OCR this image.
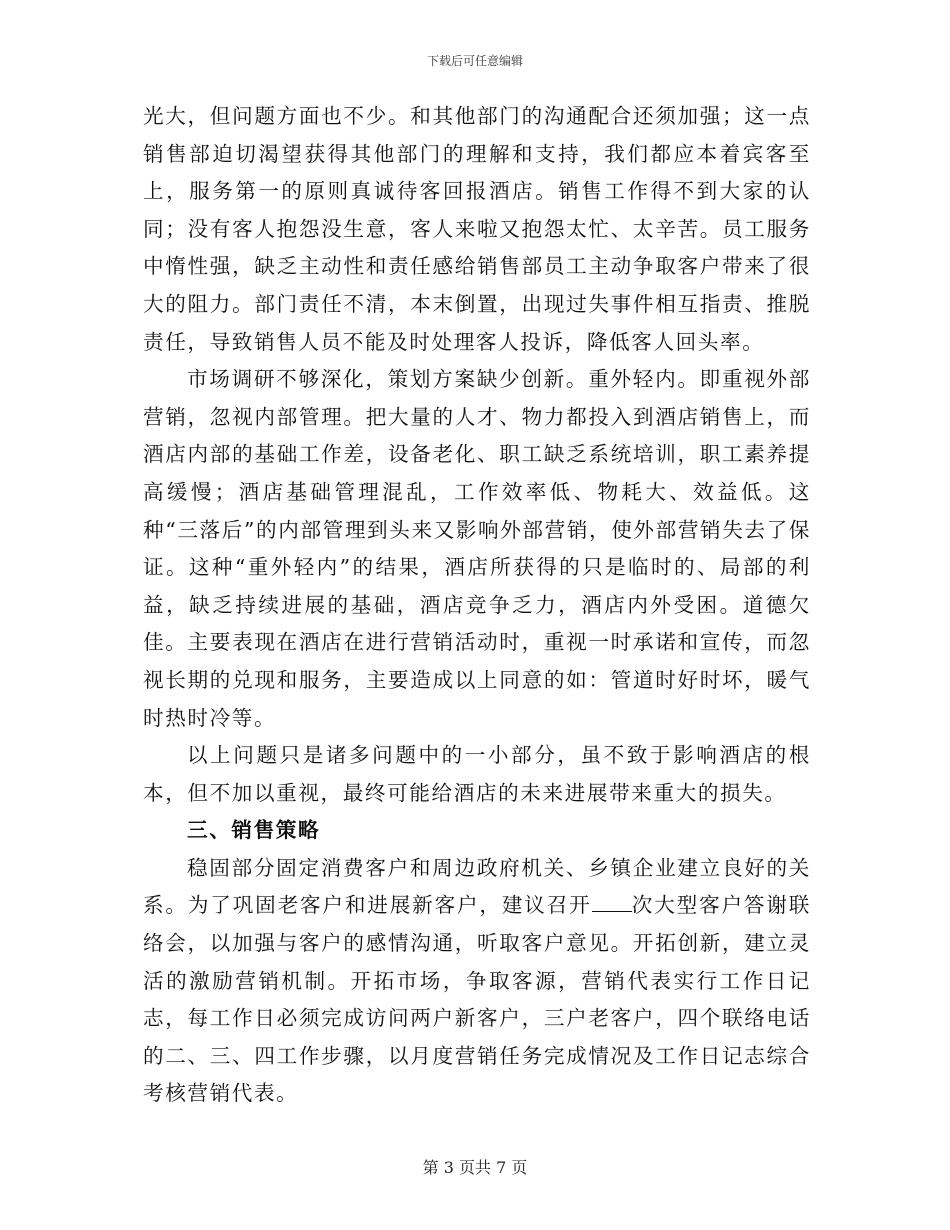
下载后可任意编辑

光大，但问题方面也不少。和其他部门的沟通配合还须加强；这一点销售部迫切渴望获得其他部门的理解和支持，我们都应本着宾客至上，服务第一的原则真诚待客回报酒店。销售工作得不到大家的认同；没有客人抱怨没生意，客人来啦又抱怨太忙、太辛苦。员工服务中惰性强，缺乏主动性和责任感给销售部员工主动争取客户带来了很大的阻力。部门责任不清，本末倒置，出现过失事件相互指责、推脱责任，导致销售人员不能及时处理客人投诉，降低客人回头率。

市场调研不够深化，策划方案缺少创新。重外轻内。即重视外部营销，忽视内部管理。把大量的人才、物力都投入到酒店销售上，而酒店内部的基础工作差，设备老化、职工缺乏系统培训，职工素养提高缓慢；酒店基础管理混乱，工作效率低、物耗大、效益低。这种“三落后”的内部管理到头来又影响外部营销，使外部营销失去了保证。这种“重外轻内”的结果，酒店所获得的只是临时的、局部的利益，缺乏持续进展的基础，酒店竞争乏力，酒店内外受困。道德欠佳。主要表现在酒店在进行营销活动时，重视一时承诺和宣传，而忽视长期的兑现和服务，主要造成以上同意的如：管道时好时坏，暖气时热时冷等。

以上问题只是诸多问题中的一小部分，虽不致于影响酒店的根本，但不加以重视，最终可能给酒店的未来进展带来重大的损失。

三、销售策略

稳固部分固定消费客户和周边政府机关、乡镇企业建立良好的关系。为了巩固老客户和进展新客户，建议召开 次大型客户答谢联络会，以加强与客户的感情沟通，听取客户意见。开拓创新，建立灵活的激励营销机制。开拓市场，争取客源，营销代表实行工作日记志，每工作日必须完成访问两户新客户，三户老客户，四个联络电话的二、三、四工作步骤，以月度营销任务完成情况及工作日记志综合考核营销代表。

第 3 页共 7 页
